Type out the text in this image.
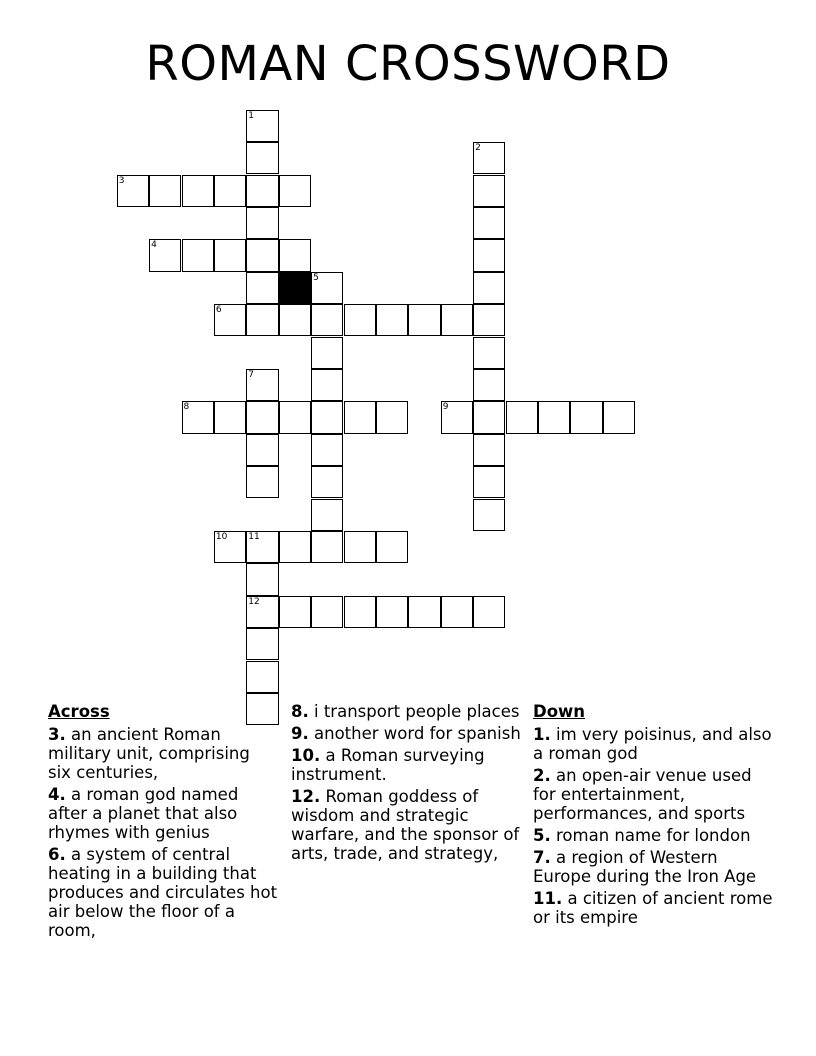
ROMAN CROSSWORD
1
2
3
4
5
6
7
8	9
10 11
12
Across
3. an ancient Roman military unit, comprising six centuries,
4. a roman god named after a planet that also rhymes with genius
6. a system of central heating in a building that produces and circulates hot air below the floor of a room,
8. i transport people places
9. another word for spanish
10. a Roman surveying instrument.
12. Roman goddess of wisdom and strategic warfare, and the sponsor of arts, trade, and strategy,
Down
1. im very poisinus, and also a roman god
2. an open-air venue used for entertainment, performances, and sports
5. roman name for london
7. a region of Western Europe during the Iron Age
11. a citizen of ancient rome or its empire
